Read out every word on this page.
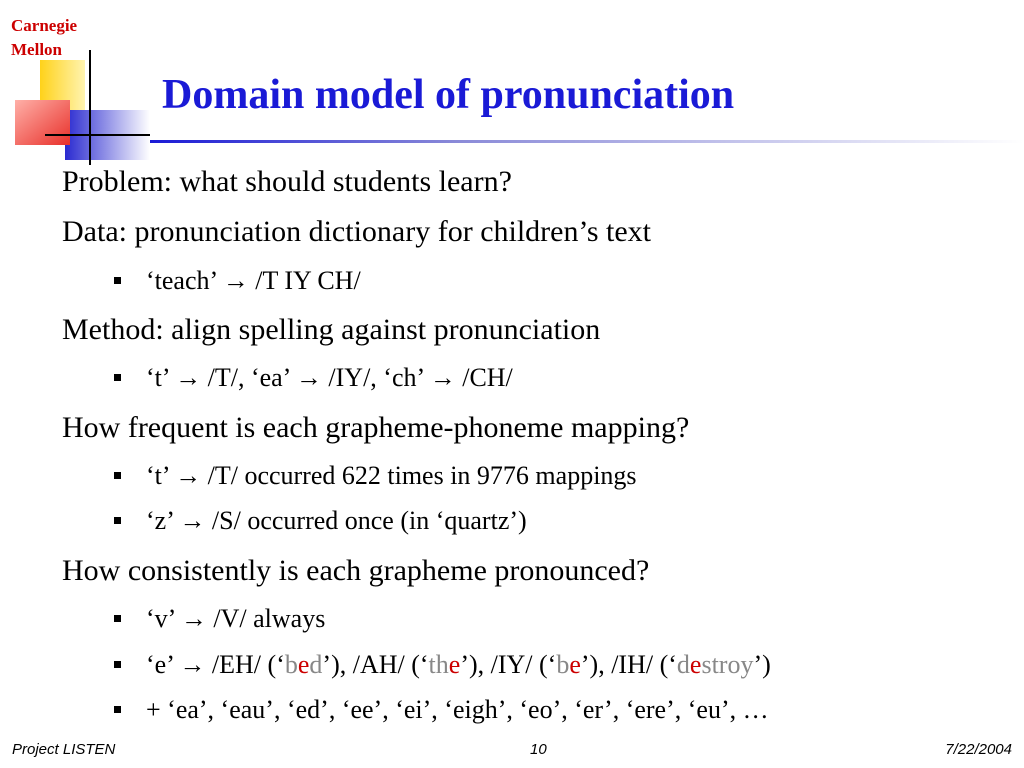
Carnegie
Mellon
Domain model of pronunciation
Problem: what should students learn?
Data: pronunciation dictionary for children’s text
‘teach’ → /T IY CH/
Method: align spelling against pronunciation
‘t’ → /T/, ‘ea’ → /IY/, ‘ch’ → /CH/
How frequent is each grapheme-phoneme mapping?
‘t’ → /T/ occurred 622 times in 9776 mappings
‘z’ → /S/ occurred once (in ‘quartz’)
How consistently is each grapheme pronounced?
‘v’ → /V/ always
‘e’ → /EH/ (‘bed’), /AH/ (‘the’), /IY/ (‘be’), /IH/ (‘destroy’)
+ ‘ea’, ‘eau’, ‘ed’, ‘ee’, ‘ei’, ‘eigh’, ‘eo’, ‘er’, ‘ere’, ‘eu’, …
Project LISTEN	10	7/22/2004
